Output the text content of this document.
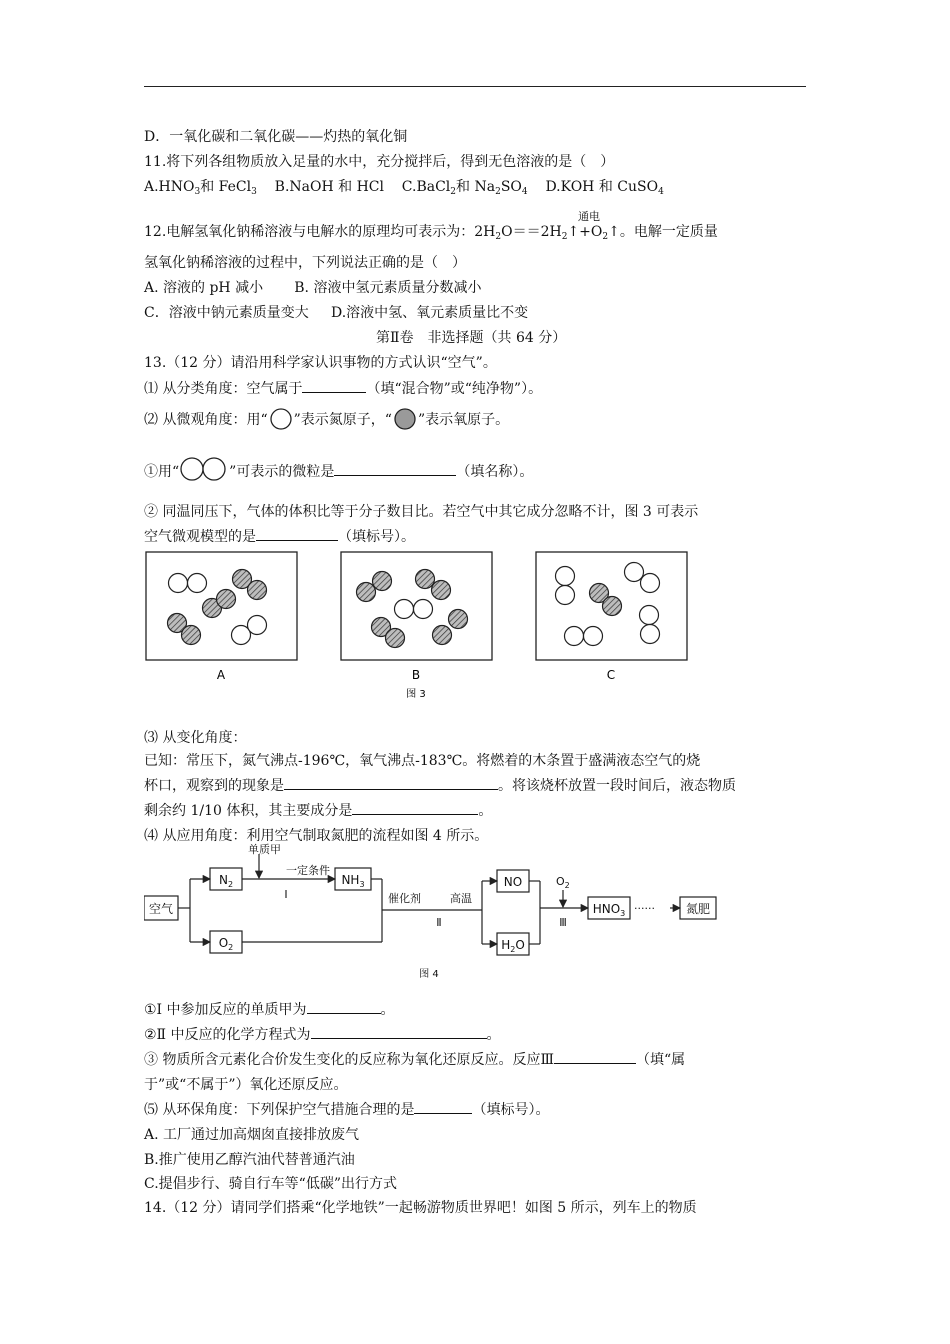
D．一氧化碳和二氧化碳——灼热的氧化铜
11.将下列各组物质放入足量的水中，充分搅拌后，得到无色溶液的是（　）
$A.HNO_3$和 FeCl$_3$ B.NaOH 和 HCl C.BaCl$_2$和 $Na_2SO_4$ D.KOH 和 CuSO$_4$
通电
12.电解氢氧化钠稀溶液与电解水的原理均可表示为：$2H_2O==2H_2↑+O_2↑$。电解一定质量
氢氧化钠稀溶液的过程中，下列说法正确的是（　）
A. 溶液的 pH 减小 B. 溶液中氢元素质量分数减小
C．溶液中钠元素质量变大 D.溶液中氢、氧元素质量比不变
第Ⅱ卷　非选择题（共 64 分）
13.（12 分）请沿用科学家认识事物的方式认识“空气”。
⑴ 从分类角度：空气属于	（填“混合物”或“纯净物”）。
⑵ 从微观角度：用“ ”表示氮原子，“ ”表示氧原子。
①用“	”可表示的微粒是	（填名称）。
② 同温同压下，气体的体积比等于分子数目比。若空气中其它成分忽略不计，图 3 可表示
空气微观模型的是	（填标号）。
A	B	C
图 3
⑶ 从变化角度：
已知：常压下，氮气沸点-196℃，氧气沸点-183℃。将燃着的木条置于盛满液态空气的烧
杯口，观察到的现象是	。将该烧杯放置一段时间后，液态物质
剩余约 1/10 体积，其主要成分是	。
⑷ 从应用角度：利用空气制取氮肥的流程如图 4 所示。
空气
$N_2$
$O_2$
$NH_3$	NO
$H_2O$
$HNO_3$	氮肥
单质甲
一定条件
Ⅰ	催化剂	高温
Ⅱ
$O_2$
Ⅲ
······
图 4
①Ⅰ 中参加反应的单质甲为	。
②Ⅱ 中反应的化学方程式为	。
③ 物质所含元素化合价发生变化的反应称为氧化还原反应。反应Ⅲ	（填“属
于”或“不属于”）氧化还原反应。
⑸ 从环保角度：下列保护空气措施合理的是	（填标号）。
A. 工厂通过加高烟囱直接排放废气
B.推广使用乙醇汽油代替普通汽油
C.提倡步行、骑自行车等“低碳”出行方式
14.（12 分）请同学们搭乘“化学地铁”一起畅游物质世界吧！如图 5 所示，列车上的物质
